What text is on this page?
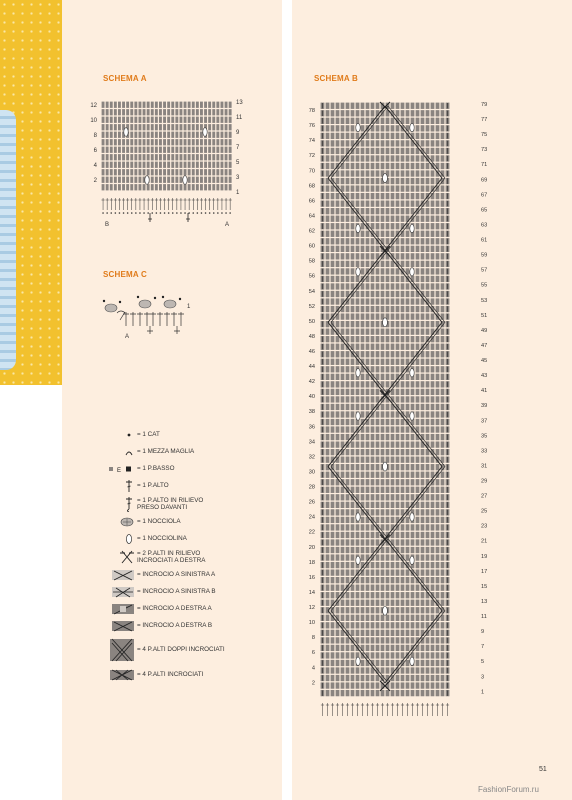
SCHEMA A	SCHEMA B
SCHEMA C
12
10
8
6
4
2
13
11
9
7
5
3
1
B	A
78
76
74
72
70
68
66
64
62
60
58
56
54
52
50
48
46
44
42
40
38
36
34
32
30
28
26
24
22
20
18
16
14
12
10
8
6
4
2
79
77
75
73
71
69
67
65
63
61
59
57
55
53
51
49
47
45
43
41
39
37
35
33
31
29
27
25
23
21
19
17
15
13
11
9
7
5
3
1
1
A
= 1 CAT
= 1 MEZZA MAGLIA
E	= 1 P.BASSO
= 1 P.ALTO
= 1 P.ALTO IN RILIEVO
PRESO DAVANTI
= 1 NOCCIOLA
= 1 NOCCIOLINA
= 2 P.ALTI IN RILIEVO
INCROCIATI A DESTRA
= INCROCIO A SINISTRA A
= INCROCIO A SINISTRA B
= INCROCIO A DESTRA A
= INCROCIO A DESTRA B
= 4 P.ALTI DOPPI INCROCIATI
= 4 P.ALTI INCROCIATI
51
FashionForum.ru
